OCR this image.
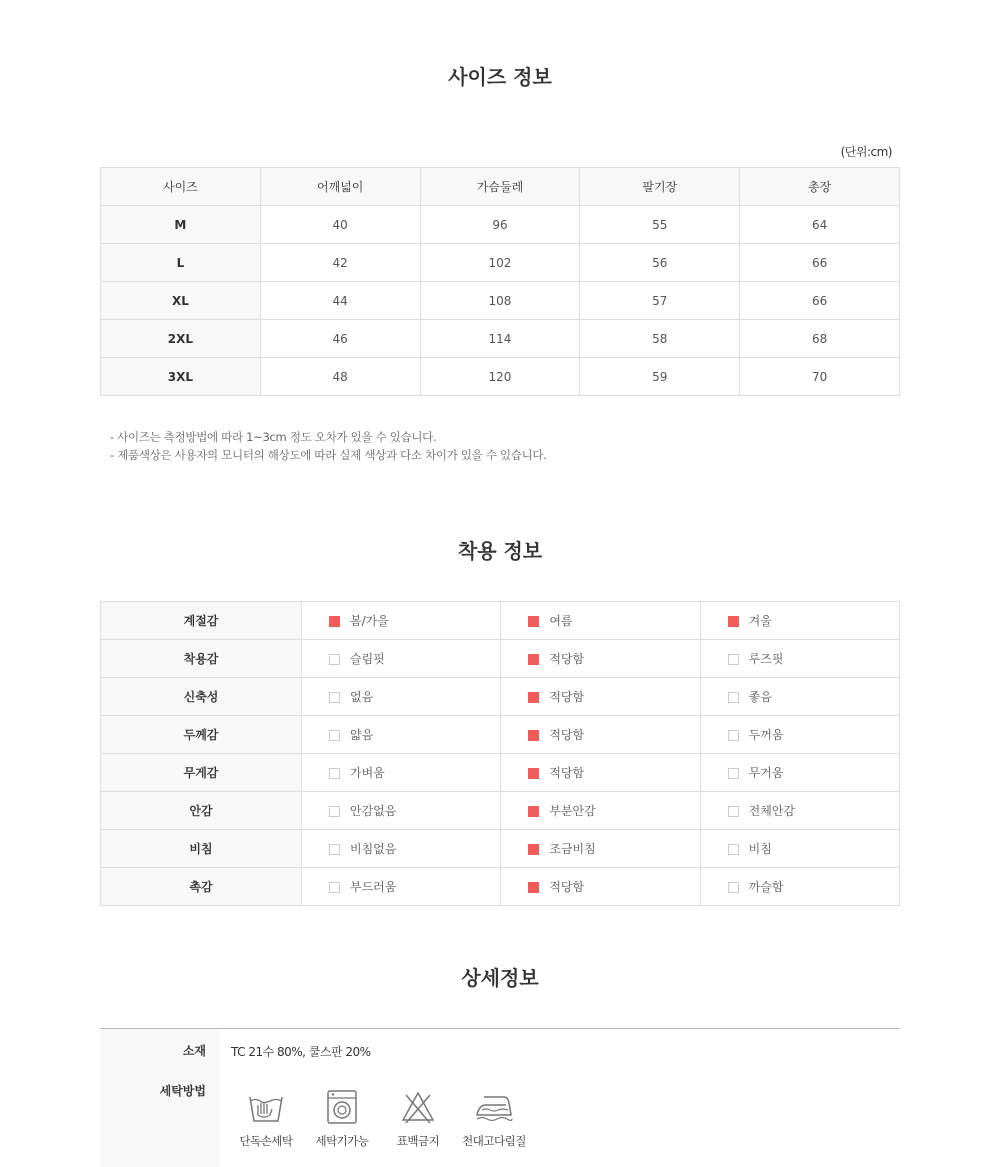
사이즈 정보
(단위:cm)
사이즈	어깨넓이	가슴둘레	팔기장	총장
M	40	96	55	64
L	42	102	56	66
XL	44	108	57	66
2XL	46	114	58	68
3XL	48	120	59	70
- 사이즈는 측정방법에 따라 1~3cm 정도 오차가 있을 수 있습니다.
- 제품색상은 사용자의 모니터의 해상도에 따라 실제 색상과 다소 차이가 있을 수 있습니다.
착용 정보
계절감	봄/가을	여름	겨울
착용감	슬림핏	적당함	루즈핏
신축성	없음	적당함	좋음
두께감	얇음	적당함	두꺼움
무게감	가벼움	적당함	무거움
안감	안감없음	부분안감	전체안감
비침	비침없음	조금비침	비침
촉감	부드러움	적당함	까슬함
상세정보
소재 TC 21수 80%, 쿨스판 20%
세탁방법
단독손세탁	세탁기가능	표백금지	천대고다림질
